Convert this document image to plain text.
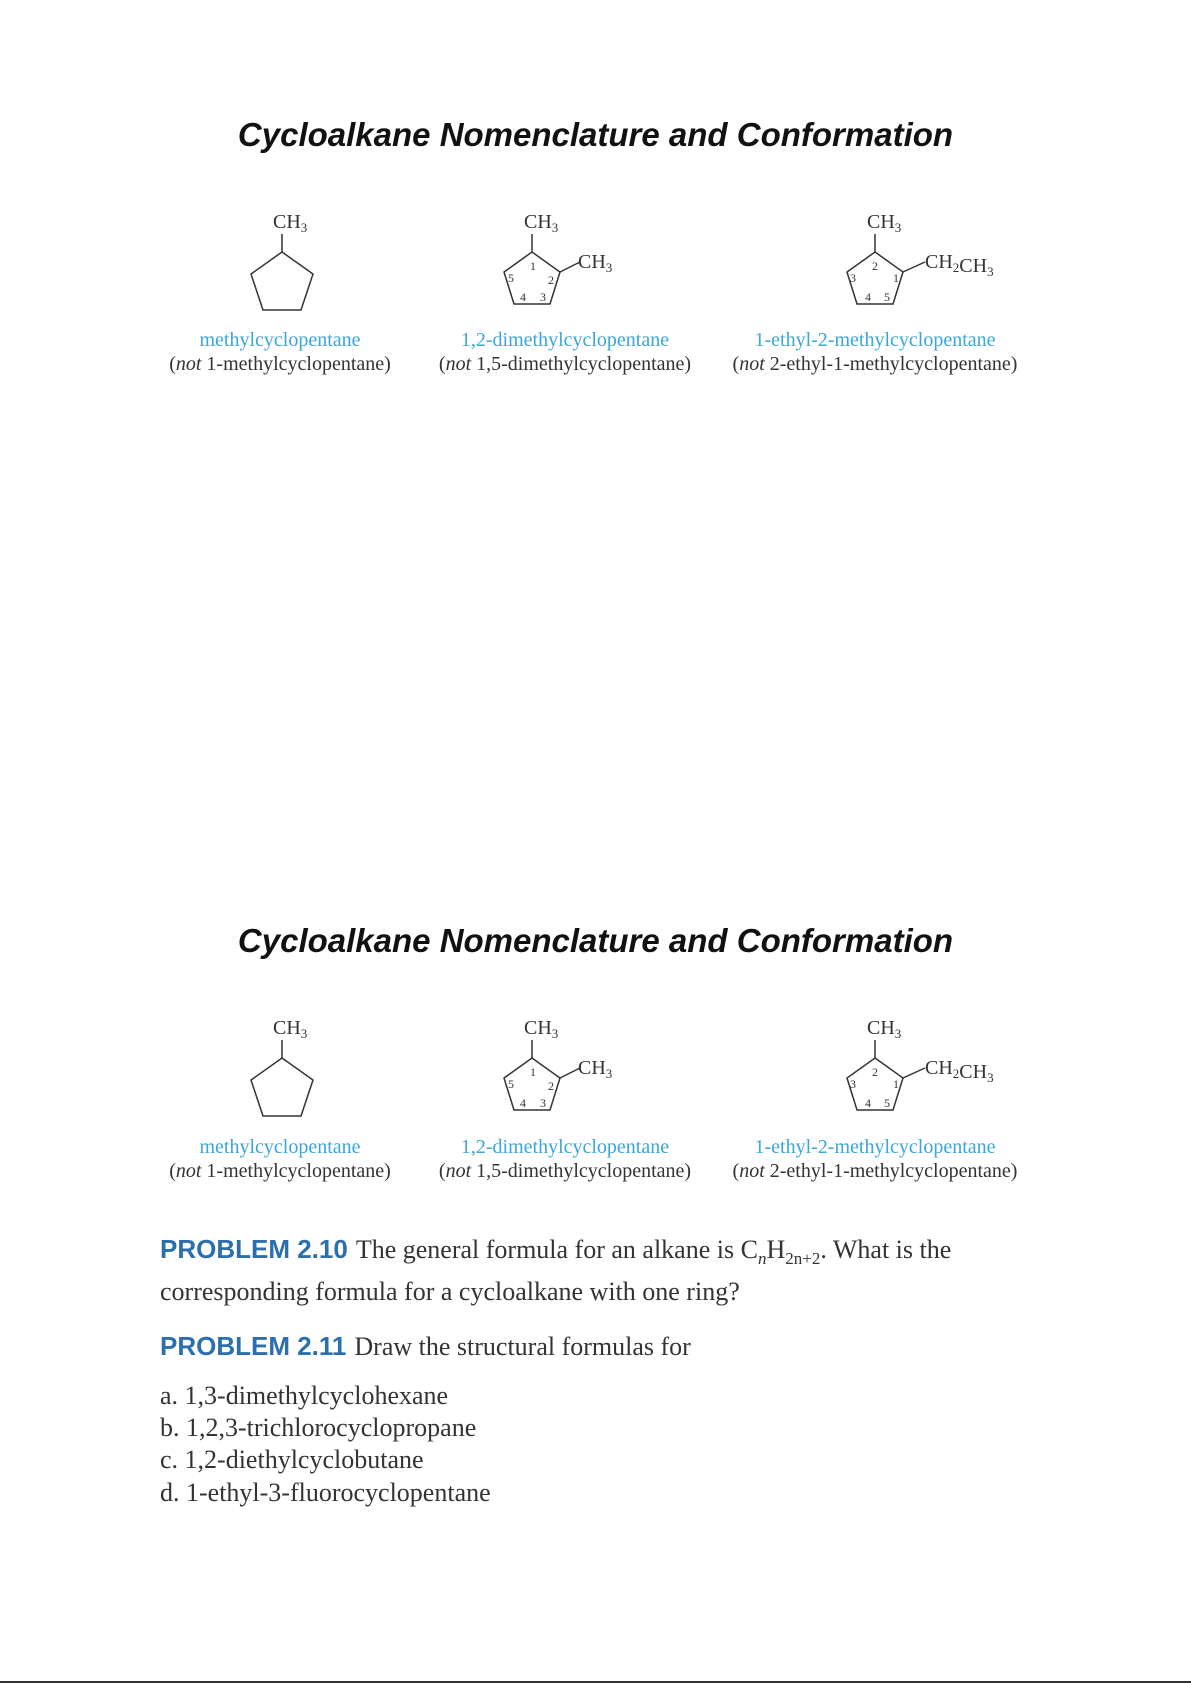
Cycloalkane Nomenclature and Conformation
$CH_3$	$CH_3$
$CH_3$
1
2
3
4
5
$CH_3$
$CH_2CH_3$
2
1
5
4
3
methylcyclopentane
(not 1-methylcyclopentane)
1,2-dimethylcyclopentane
(not 1,5-dimethylcyclopentane)
1-ethyl-2-methylcyclopentane
(not 2-ethyl-1-methylcyclopentane)
Cycloalkane Nomenclature and Conformation
$CH_3$	$CH_3$
$CH_3$
1
2
3
4
5
$CH_3$
$CH_2CH_3$
2
1
5
4
3
methylcyclopentane
(not 1-methylcyclopentane)
1,2-dimethylcyclopentane
(not 1,5-dimethylcyclopentane)
1-ethyl-2-methylcyclopentane
(not 2-ethyl-1-methylcyclopentane)
PROBLEM 2.10 The general formula for an alkane is $C_nH_{2n+2}$. What is the corresponding formula for a cycloalkane with one ring?
PROBLEM 2.11 Draw the structural formulas for
a. 1,3-dimethylcyclohexane
b. 1,2,3-trichlorocyclopropane
c. 1,2-diethylcyclobutane
d. 1-ethyl-3-fluorocyclopentane
